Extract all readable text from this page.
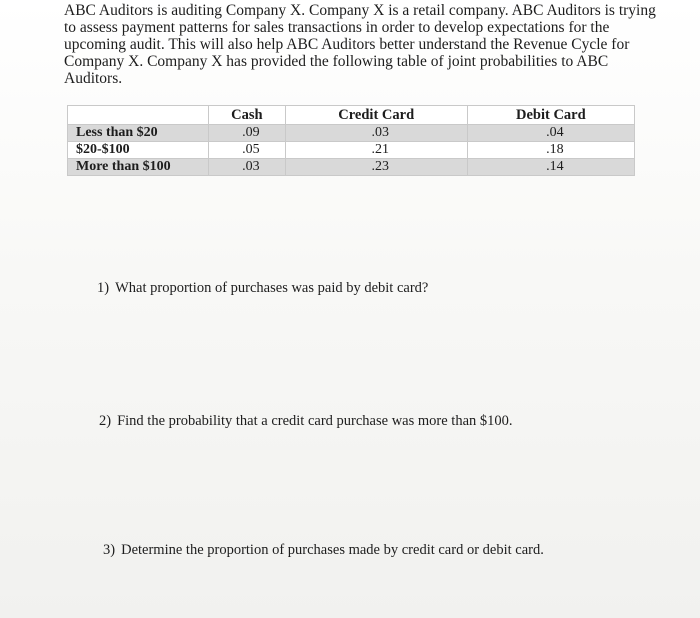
ABC Auditors is auditing Company X. Company X is a retail company. ABC Auditors is trying
to assess payment patterns for sales transactions in order to develop expectations for the
upcoming audit. This will also help ABC Auditors better understand the Revenue Cycle for
Company X. Company X has provided the following table of joint probabilities to ABC
Auditors.

	Cash	Credit Card	Debit Card
Less than $20	.09	.03	.04
$20-$100	.05	.21	.18
More than $100	.03	.23	.14

1) What proportion of purchases was paid by debit card?

2) Find the probability that a credit card purchase was more than $100.

3) Determine the proportion of purchases made by credit card or debit card.
